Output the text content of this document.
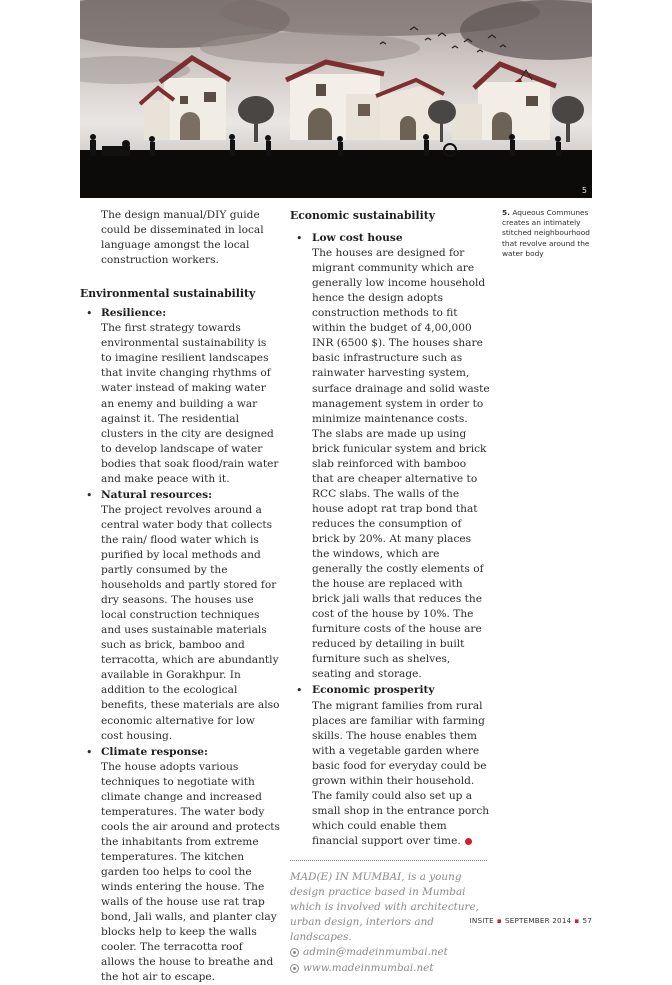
5

The design manual/DIY guide could be disseminated in local language amongst the local construction workers.

Environmental sustainability
• Resilience:

The first strategy towards environmental sustainability is to imagine resilient landscapes that invite changing rhythms of water instead of making water an enemy and building a war against it. The residential clusters in the city are designed to develop landscape of water bodies that soak flood/rain water and make peace with it.

• Natural resources:

The project revolves around a central water body that collects the rain/ flood water which is purified by local methods and partly consumed by the households and partly stored for dry seasons. The houses use local construction techniques and uses sustainable materials such as brick, bamboo and terracotta, which are abundantly available in Gorakhpur. In addition to the ecological benefits, these materials are also economic alternative for low cost housing.

• Climate response:

The house adopts various techniques to negotiate with climate change and increased temperatures. The water body cools the air around and protects the inhabitants from extreme temperatures. The kitchen garden too helps to cool the winds entering the house. The walls of the house use rat trap bond, Jali walls, and planter clay blocks help to keep the walls cooler. The terracotta roof allows the house to breathe and the hot air to escape.

Economic sustainability
• Low cost house

The houses are designed for migrant community which are generally low income household hence the design adopts construction methods to fit within the budget of 4,00,000 INR (6500 $). The houses share basic infrastructure such as rainwater harvesting system, surface drainage and solid waste management system in order to minimize maintenance costs. The slabs are made up using brick funicular system and brick slab reinforced with bamboo that are cheaper alternative to RCC slabs. The walls of the house adopt rat trap bond that reduces the consumption of brick by 20%. At many places the windows, which are generally the costly elements of the house are replaced with brick jali walls that reduces the cost of the house by 10%. The furniture costs of the house are reduced by detailing in built furniture such as shelves, seating and storage.

• Economic prosperity

The migrant families from rural places are familiar with farming skills. The house enables them with a vegetable garden where basic food for everyday could be grown within their household. The family could also set up a small shop in the entrance porch which could enable them financial support over time.

MAD(E) IN MUMBAI, is a young design practice based in Mumbai which is involved with architecture, urban design, interiors and landscapes.

admin@madeinmumbai.net
www.madeinmumbai.net
5. Aqueous Communes creates an intimately stitched neighbourhood that revolve around the water body
INSITE ▪ SEPTEMBER 2014 ▪ 57
